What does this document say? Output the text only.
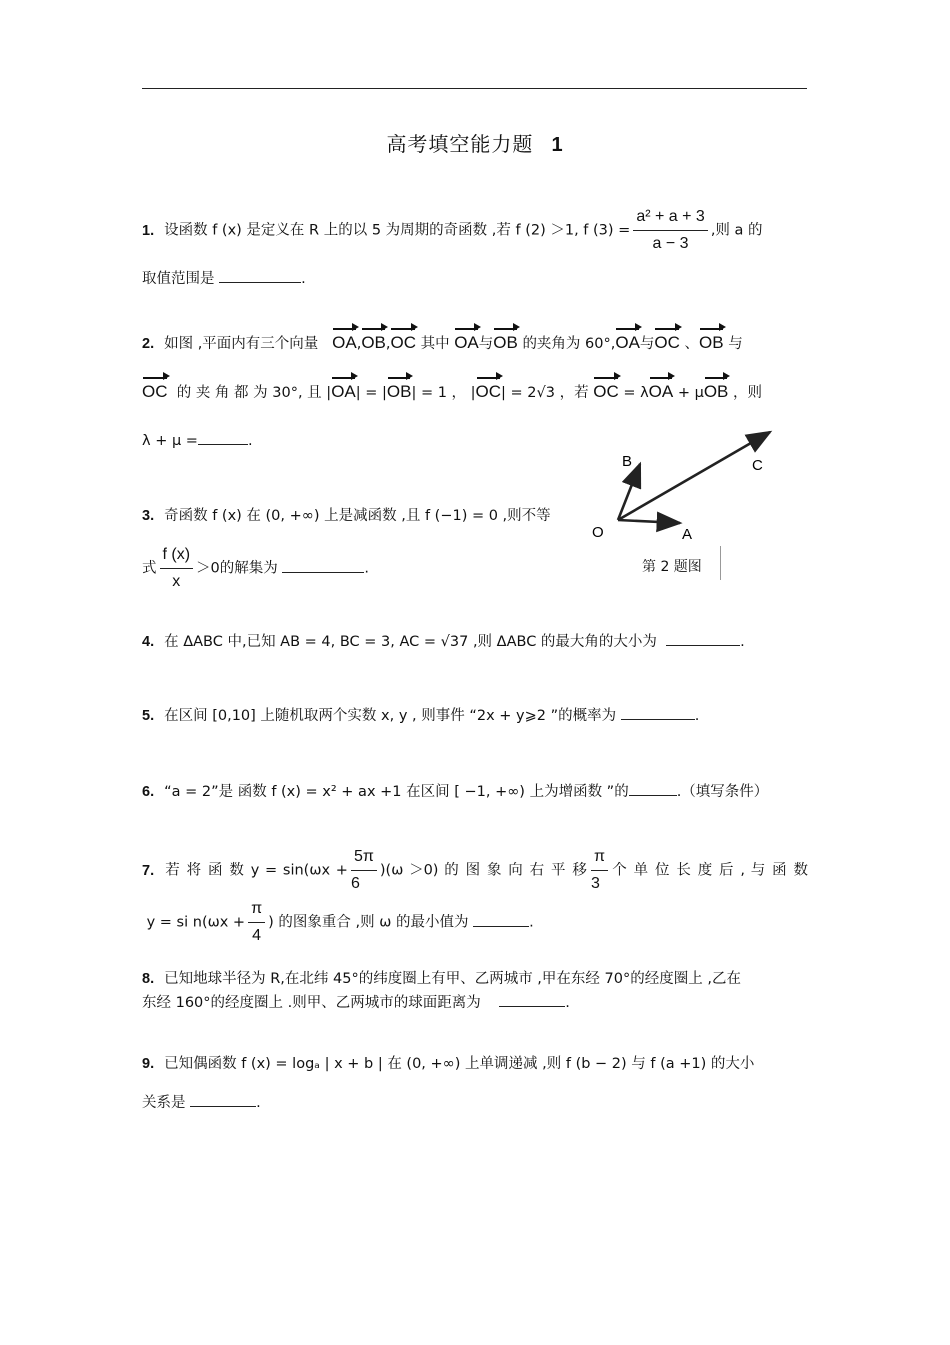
高考填空能力题 1
1. 设函数 f (x) 是定义在 R 上的以 5 为周期的奇函数 ,若 f (2) ＞1, f $(3) = \frac{\text{a² + a + 3}}{a - 3}$ ,则 a 的
取值范围是	.
2. 如图 ,平面内有三个向量 OA,OB,OC 其中 OA与OB 的夹角为 60°,OA与OC 、OB 与
OC 的 夹 角 都 为 30°, 且 |OA| = |OB| = 1 ， |OC| = 2√3 ，若 OC = λOA + μOB ，则
λ + μ =	.
B	C
O	A
第 2 题图
3. 奇函数 f (x) 在 (0, +∞) 上是减函数 ,且 f (−1) = 0 ,则不等
式 $\frac{f (x)}{x} >0$的解集为	.
4. 在 ΔABC 中,已知 AB = 4, BC = 3, AC = √37 ,则 ΔABC 的最大角的大小为	.
5. 在区间 [0,10] 上随机取两个实数 x, y , 则事件 “2x + y⩾2 ”的概率为	.
6. “a = 2”是 函数 f (x) = x² + ax +1 在区间 [ −1, +∞) 上为增函数 ”的	.（填写条件）
7. 若 将 函 数 $y = \sin(\omega x + \frac{5\pi}{6} )(\omega >0)$ 的 图 象 向 右 平 移 $\frac{\pi}{3}$ 个 单 位 长 度 后 , 与 函 数
y = si $n(\omega x + \frac{\pi}{4}$ ) 的图象重合 ,则 ω 的最小值为	.
8. 已知地球半径为 R,在北纬 45°的纬度圈上有甲、乙两城市 ,甲在东经 70°的经度圈上 ,乙在
东经 160°的经度圈上 .则甲、乙两城市的球面距离为	.
9. 已知偶函数 f (x) = logₐ | x + b | 在 (0, +∞) 上单调递减 ,则 f (b − 2) 与 f (a +1) 的大小
关系是	.
